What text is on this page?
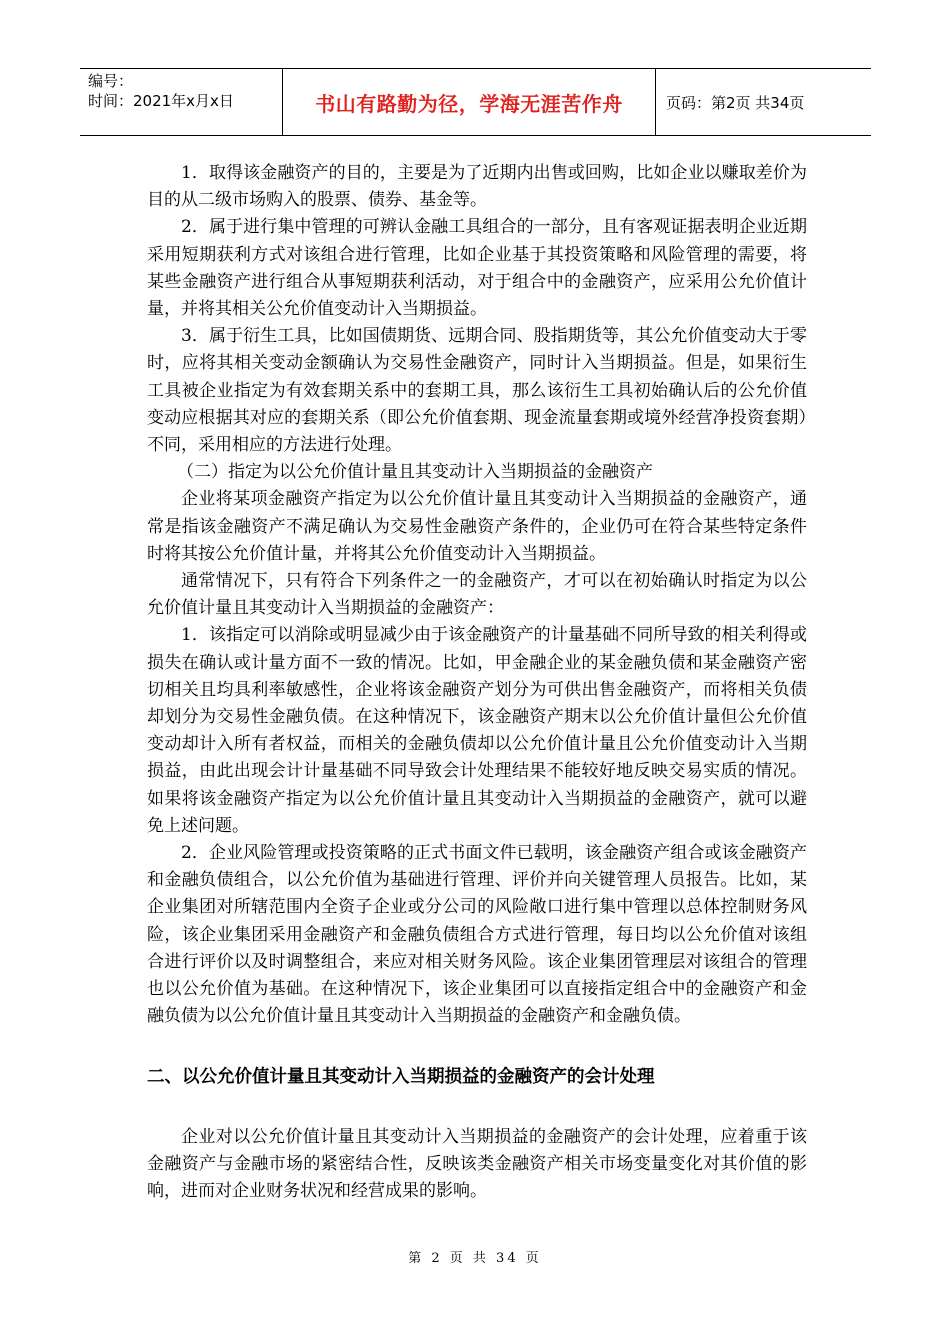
编号：
时间：2021年x月x日	书山有路勤为径，学海无涯苦作舟	页码：第2页 共34页

1．取得该金融资产的目的，主要是为了近期内出售或回购，比如企业以赚取差价为目的从二级市场购入的股票、债券、基金等。

2．属于进行集中管理的可辨认金融工具组合的一部分，且有客观证据表明企业近期采用短期获利方式对该组合进行管理，比如企业基于其投资策略和风险管理的需要，将某些金融资产进行组合从事短期获利活动，对于组合中的金融资产，应采用公允价值计量，并将其相关公允价值变动计入当期损益。

3．属于衍生工具，比如国债期货、远期合同、股指期货等，其公允价值变动大于零时，应将其相关变动金额确认为交易性金融资产，同时计入当期损益。但是，如果衍生工具被企业指定为有效套期关系中的套期工具，那么该衍生工具初始确认后的公允价值变动应根据其对应的套期关系（即公允价值套期、现金流量套期或境外经营净投资套期）不同，采用相应的方法进行处理。

（二）指定为以公允价值计量且其变动计入当期损益的金融资产

企业将某项金融资产指定为以公允价值计量且其变动计入当期损益的金融资产，通常是指该金融资产不满足确认为交易性金融资产条件的，企业仍可在符合某些特定条件时将其按公允价值计量，并将其公允价值变动计入当期损益。

通常情况下，只有符合下列条件之一的金融资产，才可以在初始确认时指定为以公允价值计量且其变动计入当期损益的金融资产：

1．该指定可以消除或明显减少由于该金融资产的计量基础不同所导致的相关利得或损失在确认或计量方面不一致的情况。比如，甲金融企业的某金融负债和某金融资产密切相关且均具利率敏感性，企业将该金融资产划分为可供出售金融资产，而将相关负债却划分为交易性金融负债。在这种情况下，该金融资产期末以公允价值计量但公允价值变动却计入所有者权益，而相关的金融负债却以公允价值计量且公允价值变动计入当期损益，由此出现会计计量基础不同导致会计处理结果不能较好地反映交易实质的情况。如果将该金融资产指定为以公允价值计量且其变动计入当期损益的金融资产，就可以避免上述问题。

2．企业风险管理或投资策略的正式书面文件已载明，该金融资产组合或该金融资产和金融负债组合，以公允价值为基础进行管理、评价并向关键管理人员报告。比如，某企业集团对所辖范围内全资子企业或分公司的风险敞口进行集中管理以总体控制财务风险，该企业集团采用金融资产和金融负债组合方式进行管理，每日均以公允价值对该组合进行评价以及时调整组合，来应对相关财务风险。该企业集团管理层对该组合的管理也以公允价值为基础。在这种情况下，该企业集团可以直接指定组合中的金融资产和金融负债为以公允价值计量且其变动计入当期损益的金融资产和金融负债。

二、以公允价值计量且其变动计入当期损益的金融资产的会计处理

企业对以公允价值计量且其变动计入当期损益的金融资产的会计处理，应着重于该金融资产与金融市场的紧密结合性，反映该类金融资产相关市场变量变化对其价值的影响，进而对企业财务状况和经营成果的影响。

第 2 页 共 34 页
